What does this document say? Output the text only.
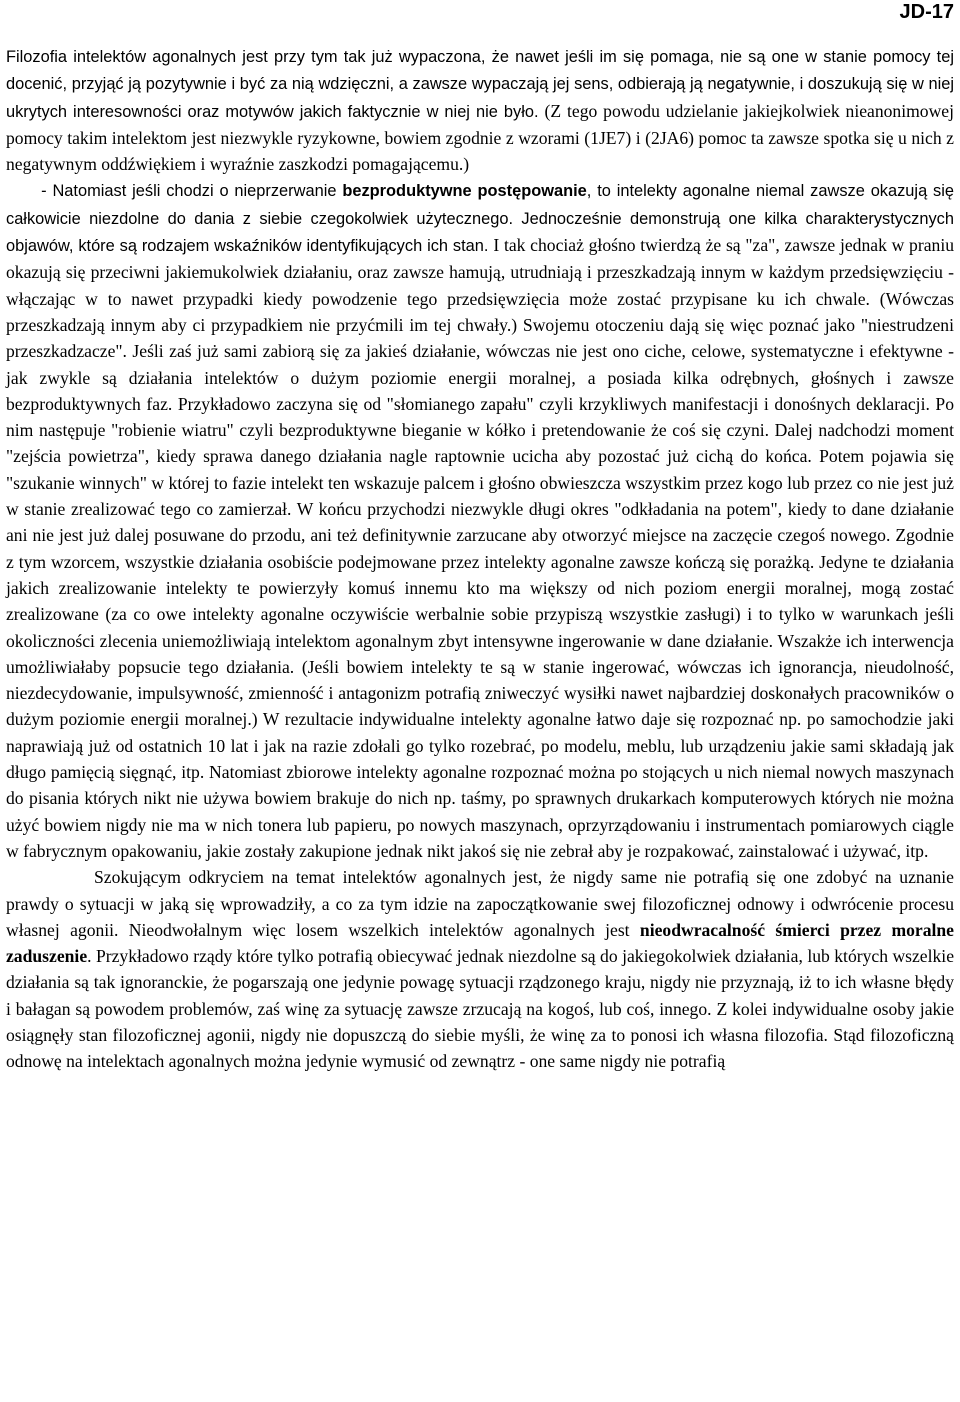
JD-17

Filozofia intelektów agonalnych jest przy tym tak już wypaczona, że nawet jeśli im się pomaga, nie są one w stanie pomocy tej docenić, przyjąć ją pozytywnie i być za nią wdzięczni, a zawsze wypaczają jej sens, odbierają ją negatywnie, i doszukują się w niej ukrytych interesowności oraz motywów jakich faktycznie w niej nie było. (Z tego powodu udzielanie jakiejkolwiek nieanonimowej pomocy takim intelektom jest niezwykle ryzykowne, bowiem zgodnie z wzorami (1JE7) i (2JA6) pomoc ta zawsze spotka się u nich z negatywnym oddźwiękiem i wyraźnie zaszkodzi pomagającemu.)

- Natomiast jeśli chodzi o nieprzerwanie bezproduktywne postępowanie, to intelekty agonalne niemal zawsze okazują się całkowicie niezdolne do dania z siebie czegokolwiek użytecznego. Jednocześnie demonstrują one kilka charakterystycznych objawów, które są rodzajem wskaźników identyfikujących ich stan. I tak chociaż głośno twierdzą że są "za", zawsze jednak w praniu okazują się przeciwni jakiemukolwiek działaniu, oraz zawsze hamują, utrudniają i przeszkadzają innym w każdym przedsięwzięciu - włączając w to nawet przypadki kiedy powodzenie tego przedsięwzięcia może zostać przypisane ku ich chwale. (Wówczas przeszkadzają innym aby ci przypadkiem nie przyćmili im tej chwały.) Swojemu otoczeniu dają się więc poznać jako "niestrudzeni przeszkadzacze". Jeśli zaś już sami zabiorą się za jakieś działanie, wówczas nie jest ono ciche, celowe, systematyczne i efektywne - jak zwykle są działania intelektów o dużym poziomie energii moralnej, a posiada kilka odrębnych, głośnych i zawsze bezproduktywnych faz. Przykładowo zaczyna się od "słomianego zapału" czyli krzykliwych manifestacji i donośnych deklaracji. Po nim następuje "robienie wiatru" czyli bezproduktywne bieganie w kółko i pretendowanie że coś się czyni. Dalej nadchodzi moment "zejścia powietrza", kiedy sprawa danego działania nagle raptownie ucicha aby pozostać już cichą do końca. Potem pojawia się "szukanie winnych" w której to fazie intelekt ten wskazuje palcem i głośno obwieszcza wszystkim przez kogo lub przez co nie jest już w stanie zrealizować tego co zamierzał. W końcu przychodzi niezwykle długi okres "odkładania na potem", kiedy to dane działanie ani nie jest już dalej posuwane do przodu, ani też definitywnie zarzucane aby otworzyć miejsce na zaczęcie czegoś nowego. Zgodnie z tym wzorcem, wszystkie działania osobiście podejmowane przez intelekty agonalne zawsze kończą się porażką. Jedyne te działania jakich zrealizowanie intelekty te powierzyły komuś innemu kto ma większy od nich poziom energii moralnej, mogą zostać zrealizowane (za co owe intelekty agonalne oczywiście werbalnie sobie przypiszą wszystkie zasługi) i to tylko w warunkach jeśli okoliczności zlecenia uniemożliwiają intelektom agonalnym zbyt intensywne ingerowanie w dane działanie. Wszakże ich interwencja umożliwiałaby popsucie tego działania. (Jeśli bowiem intelekty te są w stanie ingerować, wówczas ich ignorancja, nieudolność, niezdecydowanie, impulsywność, zmienność i antagonizm potrafią zniweczyć wysiłki nawet najbardziej doskonałych pracowników o dużym poziomie energii moralnej.) W rezultacie indywidualne intelekty agonalne łatwo daje się rozpoznać np. po samochodzie jaki naprawiają już od ostatnich 10 lat i jak na razie zdołali go tylko rozebrać, po modelu, meblu, lub urządzeniu jakie sami składają jak długo pamięcią sięgnąć, itp. Natomiast zbiorowe intelekty agonalne rozpoznać można po stojących u nich niemal nowych maszynach do pisania których nikt nie używa bowiem brakuje do nich np. taśmy, po sprawnych drukarkach komputerowych których nie można użyć bowiem nigdy nie ma w nich tonera lub papieru, po nowych maszynach, oprzyrządowaniu i instrumentach pomiarowych ciągle w fabrycznym opakowaniu, jakie zostały zakupione jednak nikt jakoś się nie zebrał aby je rozpakować, zainstalować i używać, itp.

Szokującym odkryciem na temat intelektów agonalnych jest, że nigdy same nie potrafią się one zdobyć na uznanie prawdy o sytuacji w jaką się wprowadziły, a co za tym idzie na zapoczątkowanie swej filozoficznej odnowy i odwrócenie procesu własnej agonii. Nieodwołalnym więc losem wszelkich intelektów agonalnych jest nieodwracalność śmierci przez moralne zaduszenie. Przykładowo rządy które tylko potrafią obiecywać jednak niezdolne są do jakiegokolwiek działania, lub których wszelkie działania są tak ignoranckie, że pogarszają one jedynie powagę sytuacji rządzonego kraju, nigdy nie przyznają, iż to ich własne błędy i bałagan są powodem problemów, zaś winę za sytuację zawsze zrzucają na kogoś, lub coś, innego. Z kolei indywidualne osoby jakie osiągnęły stan filozoficznej agonii, nigdy nie dopuszczą do siebie myśli, że winę za to ponosi ich własna filozofia. Stąd filozoficzną odnowę na intelektach agonalnych można jedynie wymusić od zewnątrz - one same nigdy nie potrafią
